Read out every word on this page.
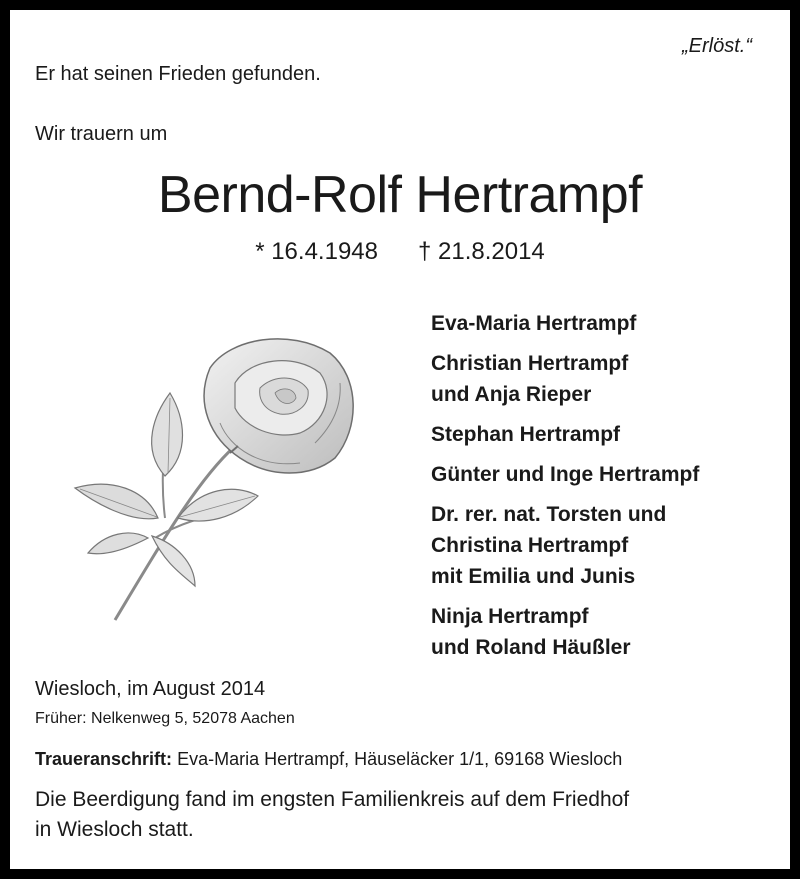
„Erlöst.“
Er hat seinen Frieden gefunden.
Wir trauern um
Bernd-Rolf Hertrampf
* 16.4.1948 † 21.8.2014
Eva-Maria Hertrampf
Christian Hertrampf
und Anja Rieper
Stephan Hertrampf
Günter und Inge Hertrampf
Dr. rer. nat. Torsten und
Christina Hertrampf
mit Emilia und Junis
Ninja Hertrampf
und Roland Häußler
Wiesloch, im August 2014
Früher: Nelkenweg 5, 52078 Aachen
Traueranschrift: Eva-Maria Hertrampf, Häuseläcker 1/1, 69168 Wiesloch
Die Beerdigung fand im engsten Familienkreis auf dem Friedhof
in Wiesloch statt.
